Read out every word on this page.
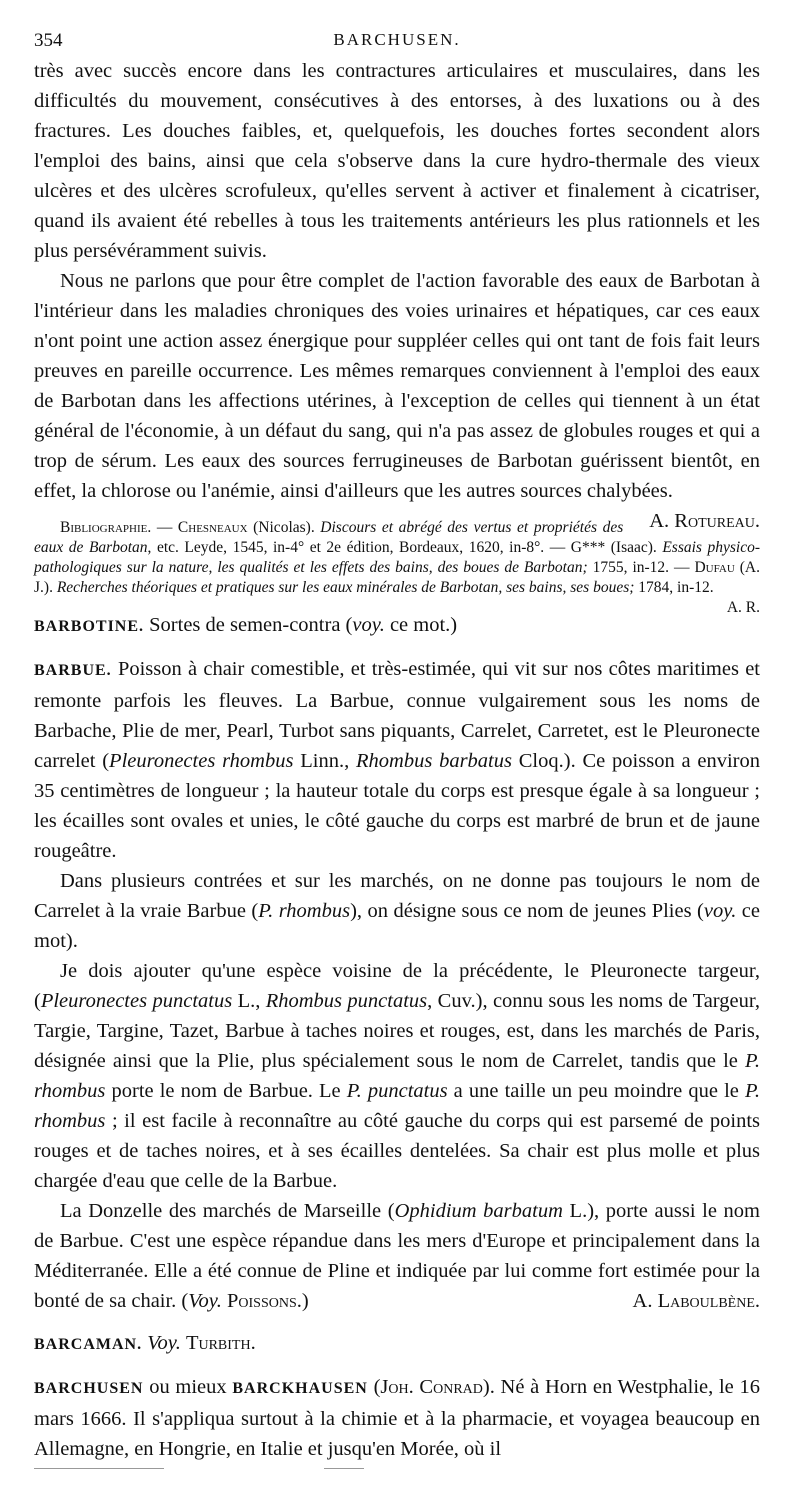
354	BARCHUSEN.

très avec succès encore dans les contractures articulaires et musculaires, dans les difficultés du mouvement, consécutives à des entorses, à des luxations ou à des fractures. Les douches faibles, et, quelquefois, les douches fortes secondent alors l'emploi des bains, ainsi que cela s'observe dans la cure hydro-thermale des vieux ulcères et des ulcères scrofuleux, qu'elles servent à activer et finalement à cicatriser, quand ils avaient été rebelles à tous les traitements antérieurs les plus rationnels et les plus persévéramment suivis.

Nous ne parlons que pour être complet de l'action favorable des eaux de Barbotan à l'intérieur dans les maladies chroniques des voies urinaires et hépatiques, car ces eaux n'ont point une action assez énergique pour suppléer celles qui ont tant de fois fait leurs preuves en pareille occurrence. Les mêmes remarques conviennent à l'emploi des eaux de Barbotan dans les affections utérines, à l'exception de celles qui tiennent à un état général de l'économie, à un défaut du sang, qui n'a pas assez de globules rouges et qui a trop de sérum. Les eaux des sources ferrugineuses de Barbotan guérissent bientôt, en effet, la chlorose ou l'anémie, ainsi d'ailleurs que les autres sources chalybées.
A. Rotureau.

Bibliographie. — Chesneaux (Nicolas). Discours et abrégé des vertus et propriétés des eaux de Barbotan, etc. Leyde, 1545, in-4° et 2e édition, Bordeaux, 1620, in-8°. — G*** (Isaac). Essais physico-pathologiques sur la nature, les qualités et les effets des bains, des boues de Barbotan; 1755, in-12. — Dufau (A. J.). Recherches théoriques et pratiques sur les eaux minérales de Barbotan, ses bains, ses boues; 1784, in-12.
A. R.

BARBOTINE. Sortes de semen-contra (voy. ce mot.)

BARBUE. Poisson à chair comestible, et très-estimée, qui vit sur nos côtes maritimes et remonte parfois les fleuves. La Barbue, connue vulgairement sous les noms de Barbache, Plie de mer, Pearl, Turbot sans piquants, Carrelet, Carretet, est le Pleuronecte carrelet (Pleuronectes rhombus Linn., Rhombus barbatus Cloq.). Ce poisson a environ 35 centimètres de longueur ; la hauteur totale du corps est presque égale à sa longueur ; les écailles sont ovales et unies, le côté gauche du corps est marbré de brun et de jaune rougeâtre.

Dans plusieurs contrées et sur les marchés, on ne donne pas toujours le nom de Carrelet à la vraie Barbue (P. rhombus), on désigne sous ce nom de jeunes Plies (voy. ce mot).

Je dois ajouter qu'une espèce voisine de la précédente, le Pleuronecte targeur, (Pleuronectes punctatus L., Rhombus punctatus, Cuv.), connu sous les noms de Targeur, Targie, Targine, Tazet, Barbue à taches noires et rouges, est, dans les marchés de Paris, désignée ainsi que la Plie, plus spécialement sous le nom de Carrelet, tandis que le P. rhombus porte le nom de Barbue. Le P. punctatus a une taille un peu moindre que le P. rhombus ; il est facile à reconnaître au côté gauche du corps qui est parsemé de points rouges et de taches noires, et à ses écailles dentelées. Sa chair est plus molle et plus chargée d'eau que celle de la Barbue.

La Donzelle des marchés de Marseille (Ophidium barbatum L.), porte aussi le nom de Barbue. C'est une espèce répandue dans les mers d'Europe et principalement dans la Méditerranée. Elle a été connue de Pline et indiquée par lui comme fort estimée pour la bonté de sa chair. (Voy. Poissons.)	A. Laboulbène.

BARCAMAN. Voy. Turbith.

BARCHUSEN ou mieux BARCKHAUSEN (Joh. Conrad). Né à Horn en Westphalie, le 16 mars 1666. Il s'appliqua surtout à la chimie et à la pharmacie, et voyagea beaucoup en Allemagne, en Hongrie, en Italie et jusqu'en Morée, où il
